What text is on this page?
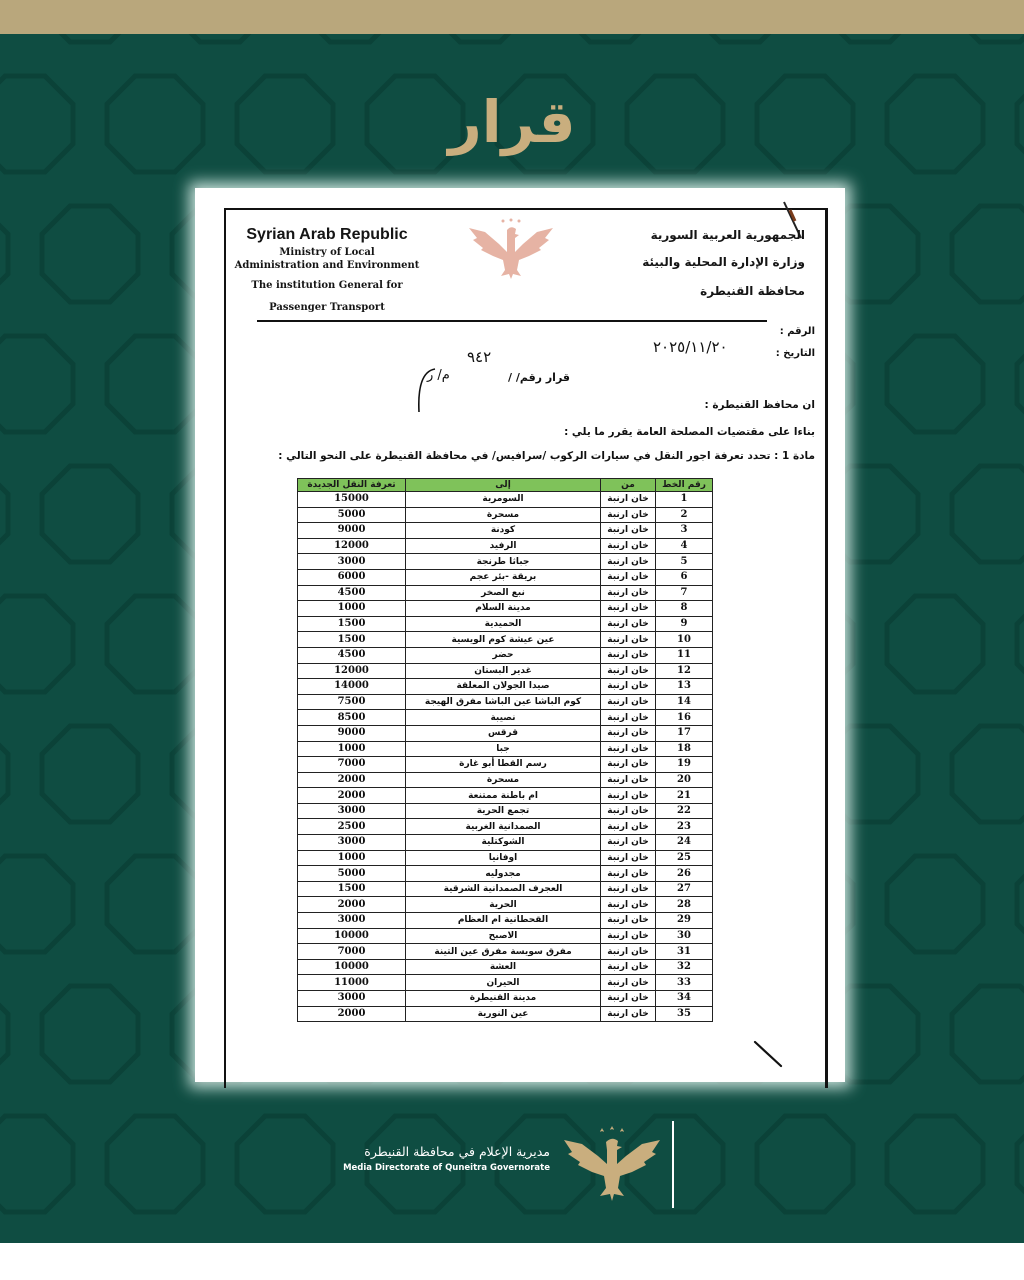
قرار
Syrian Arab Republic
Ministry of Local
Administration and Environment
The institution General for
Passenger Transport
الجمهورية العربية السورية
وزارة الإدارة المحلية والبيئة
محافظة القنيطرة
الرقم :
التاريخ :
٢٠٢٥/١١/٢٠
قرار رقم/ /
٩٤٢
م/ ر
ان محافظ القنيطرة :
بناءا على مقتضيات المصلحة العامة يقرر ما يلي :
مادة 1 : تحدد تعرفة اجور النقل في سيارات الركوب /سرافيس/ في محافظة القنيطرة على النحو التالي :
رقم الخط	من	إلى	تعرفة النقل الجديدة
1	خان ارنبة	السومرية	15000
2	خان ارنبة	مسحرة	5000
3	خان ارنبة	كودنة	9000
4	خان ارنبة	الرفيد	12000
5	خان ارنبة	جباثا طرنجة	3000
6	خان ارنبة	بريقة -بئر عجم	6000
7	خان ارنبة	نبع الصخر	4500
8	خان ارنبة	مدينة السلام	1000
9	خان ارنبة	الحميدية	1500
10	خان ارنبة	عين عيشة كوم الويسية	1500
11	خان ارنبة	حضر	4500
12	خان ارنبة	غدير البستان	12000
13	خان ارنبة	صيدا الجولان المعلقة	14000
14	خان ارنبة	كوم الباشا عين الباشا مفرق الهيجة	7500
16	خان ارنبة	نصيبة	8500
17	خان ارنبة	قرقس	9000
18	خان ارنبة	جبا	1000
19	خان ارنبة	رسم القطا أبو غارة	7000
20	خان ارنبة	مسحرة	2000
21	خان ارنبة	ام باطنة ممتنعة	2000
22	خان ارنبة	تجمع الحرية	3000
23	خان ارنبة	الصمدانية الغربية	2500
24	خان ارنبة	الشوكتلية	3000
25	خان ارنبة	اوفانيا	1000
26	خان ارنبة	مجدوليه	5000
27	خان ارنبة	العجرف الصمدانية الشرقية	1500
28	خان ارنبة	الحرية	2000
29	خان ارنبة	القحطانية ام العظام	3000
30	خان ارنبة	الاصبح	10000
31	خان ارنبة	مفرق سويسة مفرق عين التينة	7000
32	خان ارنبة	العشة	10000
33	خان ارنبة	الحيران	11000
34	خان ارنبة	مدينة القنيطرة	3000
35	خان ارنبة	عين النورية	2000
مديرية الإعلام في محافظة القنيطرة
Media Directorate of Quneitra Governorate
